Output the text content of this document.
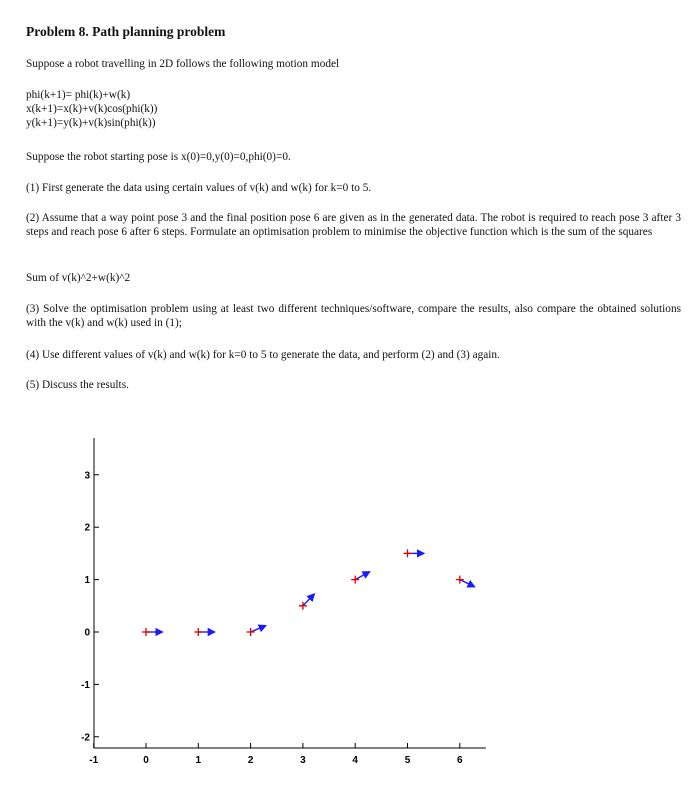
Problem 8. Path planning problem
Suppose a robot travelling in 2D follows the following motion model
phi(k+1)= phi(k)+w(k)
x(k+1)=x(k)+v(k)cos(phi(k))
y(k+1)=y(k)+v(k)sin(phi(k))
Suppose the robot starting pose is x(0)=0,y(0)=0,phi(0)=0.
(1) First generate the data using certain values of v(k) and w(k) for k=0 to 5.
(2) Assume that a way point pose 3 and the final position pose 6 are given as in the generated data. The robot is required to reach pose 3 after 3 steps and reach pose 6 after 6 steps. Formulate an optimisation problem to minimise the objective function which is the sum of the squares
Sum of v(k)^2+w(k)^2
(3) Solve the optimisation problem using at least two different techniques/software, compare the results, also compare the obtained solutions with the v(k) and w(k) used in (1);
(4) Use different values of v(k) and w(k) for k=0 to 5 to generate the data, and perform (2) and (3) again.
(5) Discuss the results.
-2
-1
0
1
2
3
-1	0	1	2	3	4	5	6
